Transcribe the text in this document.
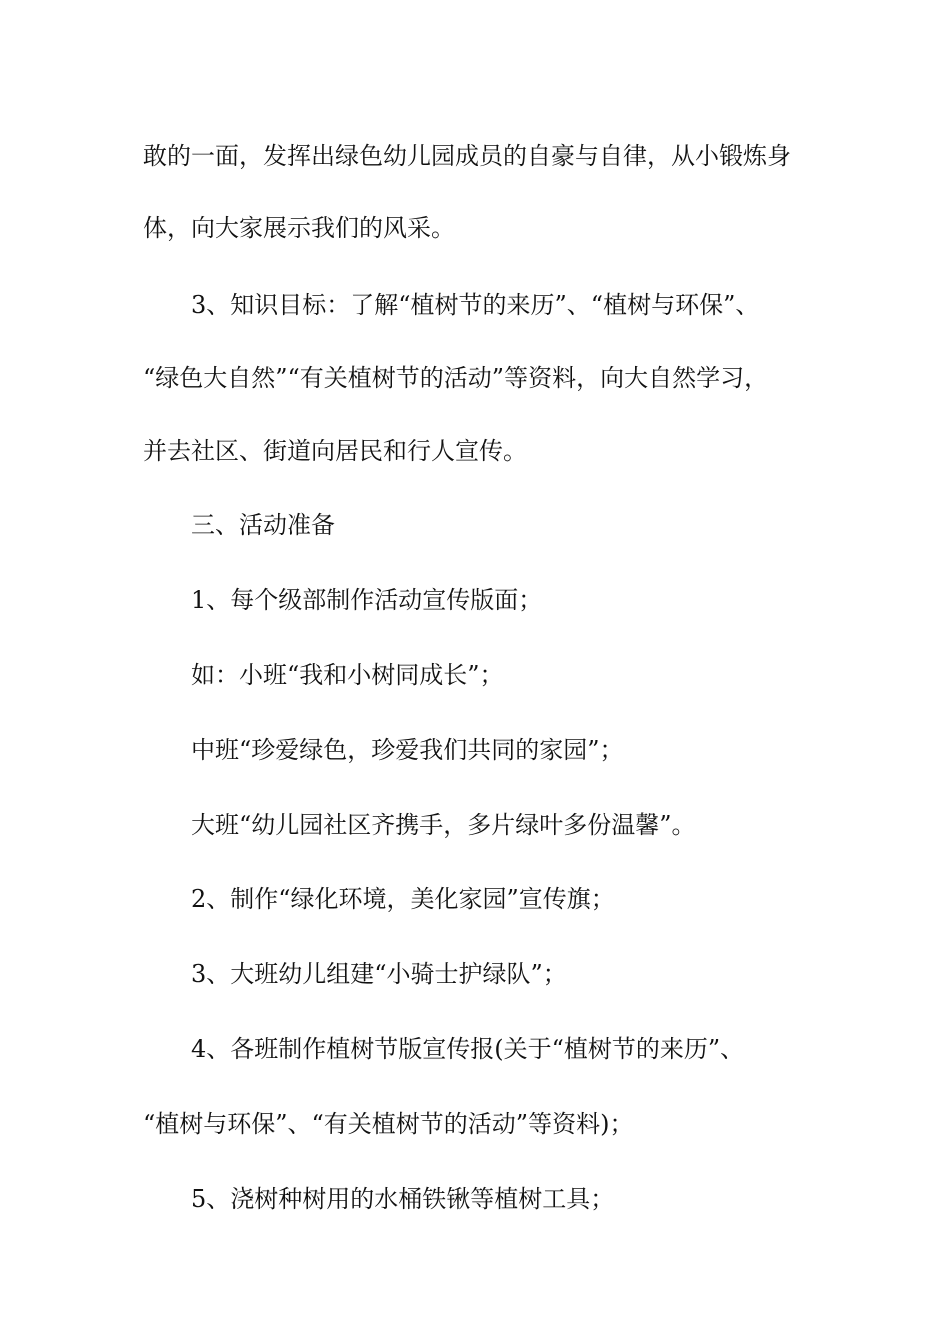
敢的一面，发挥出绿色幼儿园成员的自豪与自律，从小锻炼身

体，向大家展示我们的风采。

3、知识目标：了解“植树节的来历”、“植树与环保”、

“绿色大自然”“有关植树节的活动”等资料，向大自然学习，

并去社区、街道向居民和行人宣传。

三、活动准备

1、每个级部制作活动宣传版面；

如：小班“我和小树同成长”；

中班“珍爱绿色，珍爱我们共同的家园”；

大班“幼儿园社区齐携手，多片绿叶多份温馨”。

2、制作“绿化环境，美化家园”宣传旗；

3、大班幼儿组建“小骑士护绿队”；

4、各班制作植树节版宣传报(关于“植树节的来历”、

“植树与环保”、“有关植树节的活动”等资料)；

5、浇树种树用的水桶铁锹等植树工具；
